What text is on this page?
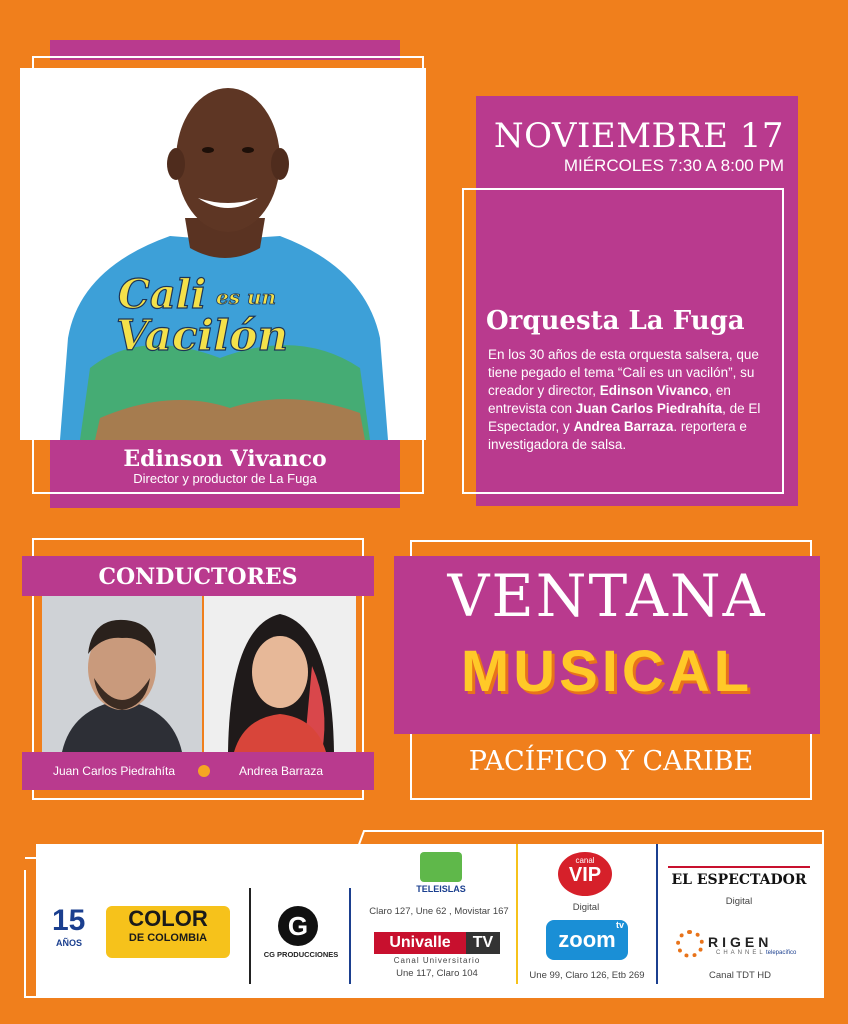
Cali es un
Vacilón
Edinson Vivanco
Director y productor de La Fuga
NOVIEMBRE 17
MIÉRCOLES 7:30 A 8:00 PM
Orquesta La Fuga
En los 30 años de esta orquesta salsera, que tiene pegado el tema “Cali es un vacilón”, su creador y director, Edinson Vivanco, en entrevista con Juan Carlos Piedrahíta, de El Espectador, y Andrea Barraza. reportera e investigadora de salsa.
CONDUCTORES
Juan Carlos Piedrahíta	Andrea Barraza
VENTANA
MUSICAL
PACÍFICO Y CARIBE
15
AÑOS
COLOR
DE COLOMBIA	G
CG PRODUCCIONES
TELEISLAS
Claro 127, Une 62 , Movistar 167
Univalle	TV
Canal Universitario
Une 117, Claro 104
canal
VIP
Digital
zoom
tv
Une 99, Claro 126, Etb 269
EL ESPECTADOR
Digital
RIGEN
CHANNEL telepacífico
Canal TDT HD
